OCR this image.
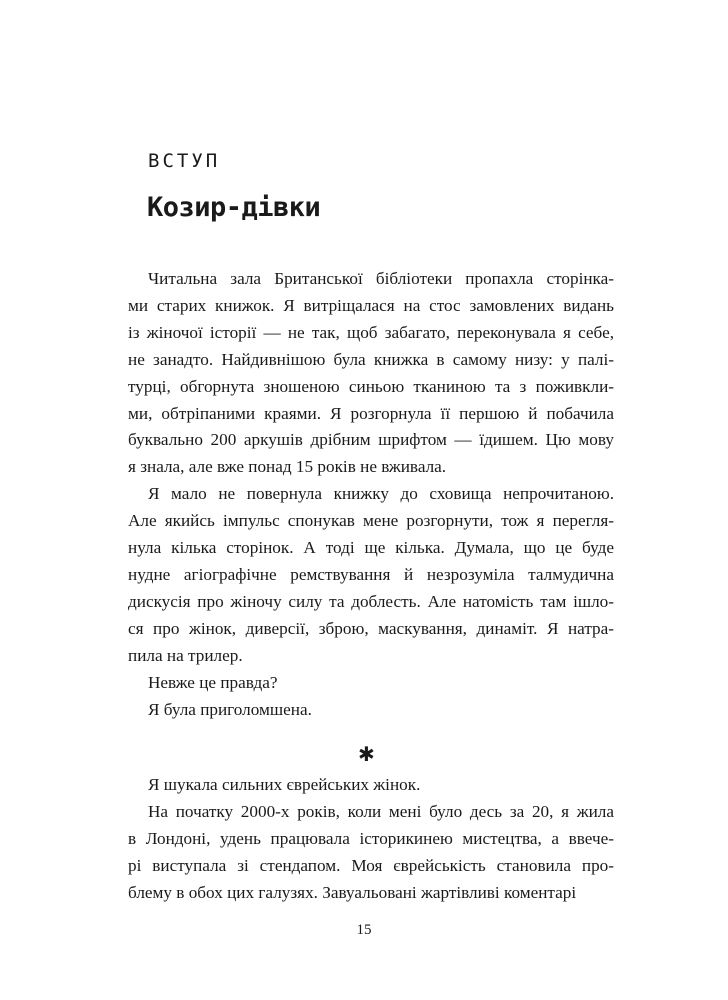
ВСТУП
Козир-дівки
Читальна зала Британської бібліотеки пропахла сторінка-
ми старих книжок. Я витріщалася на стос замовлених видань
із жіночої історії — не так, щоб забагато, переконувала я себе,
не занадто. Найдивнішою була книжка в самому низу: у палі-
турці, обгорнута зношеною синьою тканиною та з поживкли-
ми, обтріпаними краями. Я розгорнула її першою й побачила
буквально 200 аркушів дрібним шрифтом — їдишем. Цю мову
я знала, але вже понад 15 років не вживала.
Я мало не повернула книжку до сховища непрочитаною.
Але якийсь імпульс спонукав мене розгорнути, тож я перегля-
нула кілька сторінок. А тоді ще кілька. Думала, що це буде
нудне агіографічне ремствування й незрозуміла талмудична
дискусія про жіночу силу та доблесть. Але натомість там ішло-
ся про жінок, диверсії, зброю, маскування, динаміт. Я натра-
пила на трилер.
Невже це правда?
Я була приголомшена.
✱
Я шукала сильних єврейських жінок.
На початку 2000-х років, коли мені було десь за 20, я жила
в Лондоні, удень працювала історикинею мистецтва, а ввече-
рі виступала зі стендапом. Моя єврейськість становила про-
блему в обох цих галузях. Завуальовані жартівливі коментарі
15
